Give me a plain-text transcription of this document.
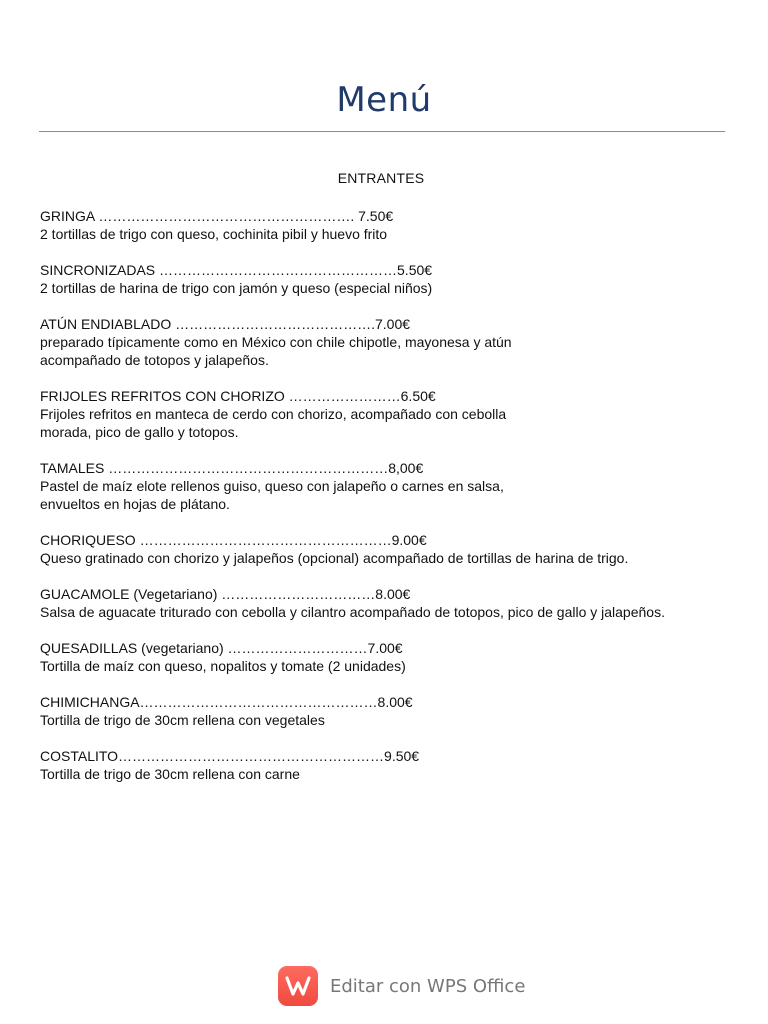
Menú
ENTRANTES
GRINGA ………………………………………………. 7.50€
2 tortillas de trigo con queso, cochinita pibil y huevo frito
SINCRONIZADAS ……………………………………………5.50€
2 tortillas de harina de trigo con jamón y queso (especial niños)
ATÚN ENDIABLADO …………………………………….7.00€
preparado típicamente como en México con chile chipotle, mayonesa y atún
acompañado de totopos y jalapeños.
FRIJOLES REFRITOS CON CHORIZO ……………………6.50€
Frijoles refritos en manteca de cerdo con chorizo, acompañado con cebolla
morada, pico de gallo y totopos.
TAMALES ……………………………………………………8,00€
Pastel de maíz elote rellenos guiso, queso con jalapeño o carnes en salsa,
envueltos en hojas de plátano.
CHORIQUESO ………………………………………………9.00€
Queso gratinado con chorizo y jalapeños (opcional) acompañado de tortillas de harina de trigo.
GUACAMOLE (Vegetariano) ……………………………8.00€
Salsa de aguacate triturado con cebolla y cilantro acompañado de totopos, pico de gallo y jalapeños.
QUESADILLAS (vegetariano) …………………………7.00€
Tortilla de maíz con queso, nopalitos y tomate (2 unidades)
CHIMICHANGA……………………………………………8.00€
Tortilla de trigo de 30cm rellena con vegetales
COSTALITO…………………………………………………9.50€
Tortilla de trigo de 30cm rellena con carne
Editar con WPS Office
